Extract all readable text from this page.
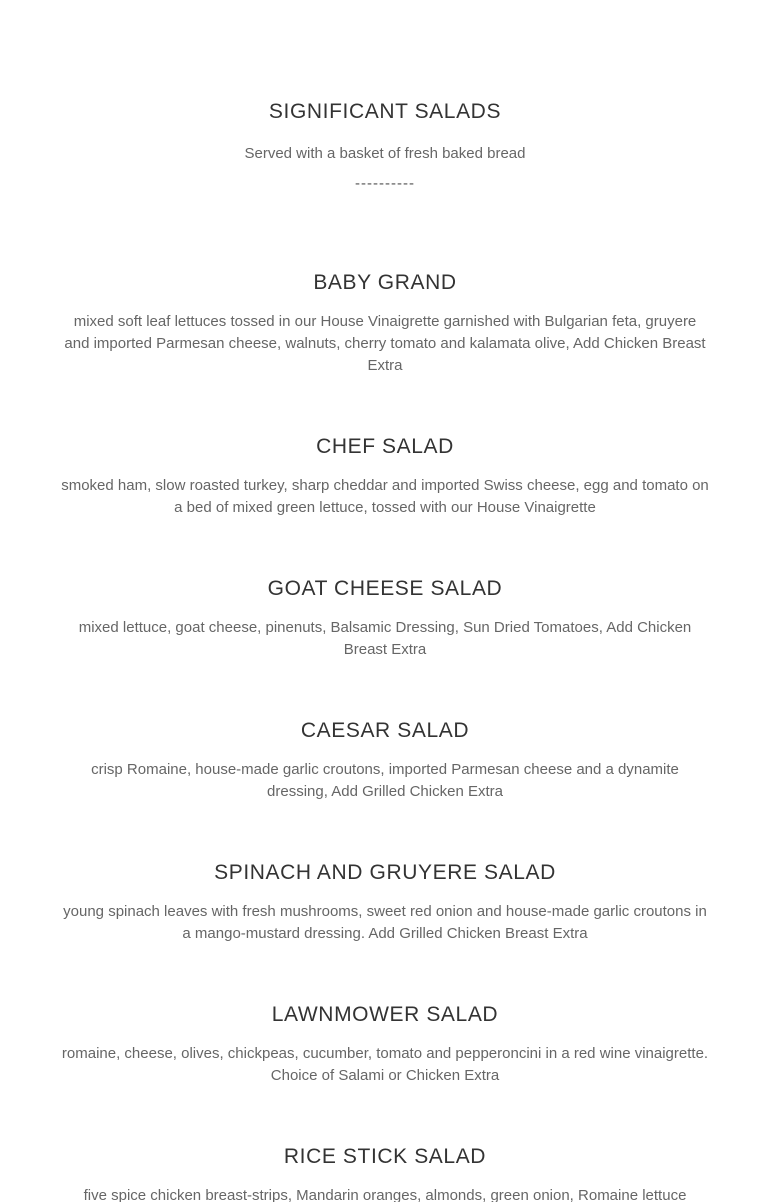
SIGNIFICANT SALADS

Served with a basket of fresh baked bread

----------

BABY GRAND

mixed soft leaf lettuces tossed in our House Vinaigrette garnished with Bulgarian feta, gruyere and imported Parmesan cheese, walnuts, cherry tomato and kalamata olive, Add Chicken Breast Extra

CHEF SALAD

smoked ham, slow roasted turkey, sharp cheddar and imported Swiss cheese, egg and tomato on a bed of mixed green lettuce, tossed with our House Vinaigrette

GOAT CHEESE SALAD

mixed lettuce, goat cheese, pinenuts, Balsamic Dressing, Sun Dried Tomatoes, Add Chicken Breast Extra

CAESAR SALAD

crisp Romaine, house-made garlic croutons, imported Parmesan cheese and a dynamite dressing, Add Grilled Chicken Extra

SPINACH AND GRUYERE SALAD

young spinach leaves with fresh mushrooms, sweet red onion and house-made garlic croutons in a mango-mustard dressing. Add Grilled Chicken Breast Extra

LAWNMOWER SALAD

romaine, cheese, olives, chickpeas, cucumber, tomato and pepperoncini in a red wine vinaigrette. Choice of Salami or Chicken Extra

RICE STICK SALAD

five spice chicken breast-strips, Mandarin oranges, almonds, green onion, Romaine lettuce
